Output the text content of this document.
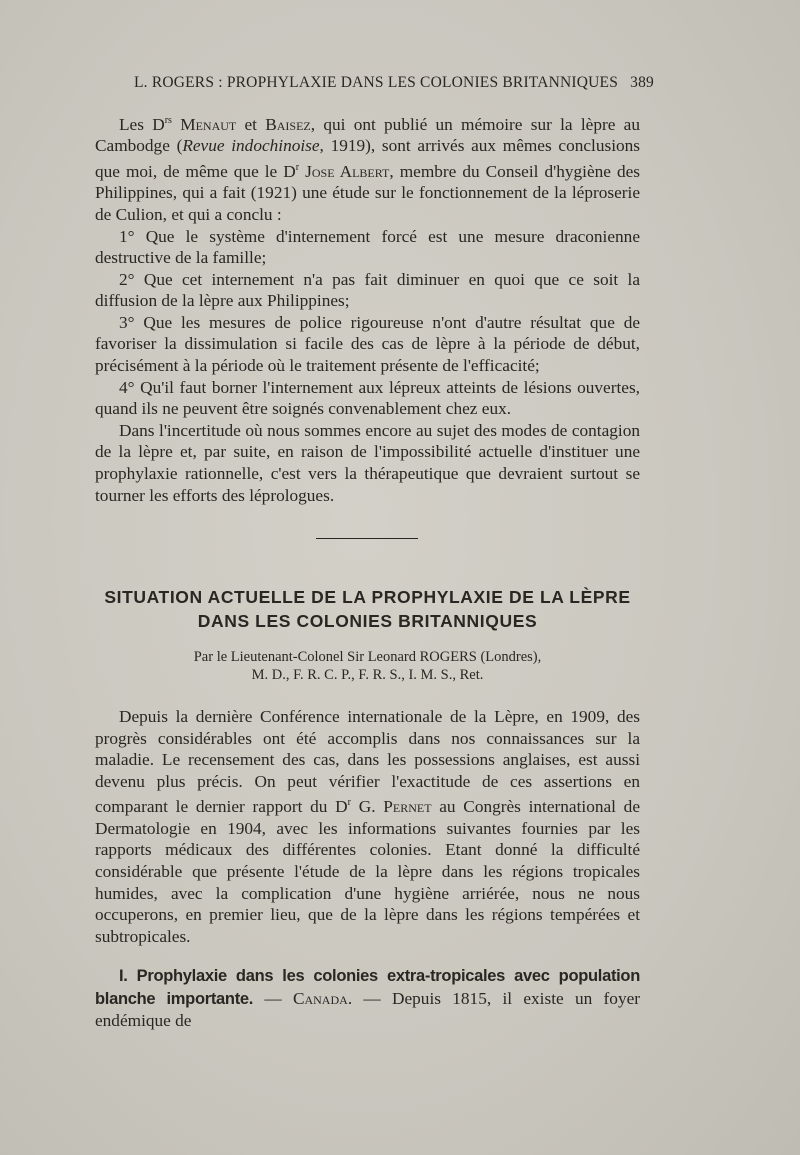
L. ROGERS : PROPHYLAXIE DANS LES COLONIES BRITANNIQUES 389

Les $D^{rs}$ Menaut et Baisez, qui ont publié un mémoire sur la lèpre au Cambodge (Revue indochinoise, 1919), sont arrivés aux mêmes conclusions que moi, de même que le $D^r$ Jose Albert, membre du Conseil d'hygiène des Philippines, qui a fait (1921) une étude sur le fonctionnement de la léproserie de Culion, et qui a conclu :

1° Que le système d'internement forcé est une mesure draconienne destructive de la famille;

2° Que cet internement n'a pas fait diminuer en quoi que ce soit la diffusion de la lèpre aux Philippines;

3° Que les mesures de police rigoureuse n'ont d'autre résultat que de favoriser la dissimulation si facile des cas de lèpre à la période de début, précisément à la période où le traitement présente de l'efficacité;

4° Qu'il faut borner l'internement aux lépreux atteints de lésions ouvertes, quand ils ne peuvent être soignés convenablement chez eux.

Dans l'incertitude où nous sommes encore au sujet des modes de contagion de la lèpre et, par suite, en raison de l'impossibilité actuelle d'instituer une prophylaxie rationnelle, c'est vers la thérapeutique que devraient surtout se tourner les efforts des léprologues.

SITUATION ACTUELLE DE LA PROPHYLAXIE DE LA LÈPRE
DANS LES COLONIES BRITANNIQUES
Par le Lieutenant-Colonel Sir Leonard ROGERS (Londres),
M. D., F. R. C. P., F. R. S., I. M. S., Ret.

Depuis la dernière Conférence internationale de la Lèpre, en 1909, des progrès considérables ont été accomplis dans nos connaissances sur la maladie. Le recensement des cas, dans les possessions anglaises, est aussi devenu plus précis. On peut vérifier l'exactitude de ces assertions en comparant le dernier rapport du $D^r$ G. Pernet au Congrès international de Dermatologie en 1904, avec les informations suivantes fournies par les rapports médicaux des différentes colonies. Etant donné la difficulté considérable que présente l'étude de la lèpre dans les régions tropicales humides, avec la complication d'une hygiène arriérée, nous ne nous occuperons, en premier lieu, que de la lèpre dans les régions tempérées et subtropicales.

I. Prophylaxie dans les colonies extra-tropicales avec population blanche importante. — Canada. — Depuis 1815, il existe un foyer endémique de
